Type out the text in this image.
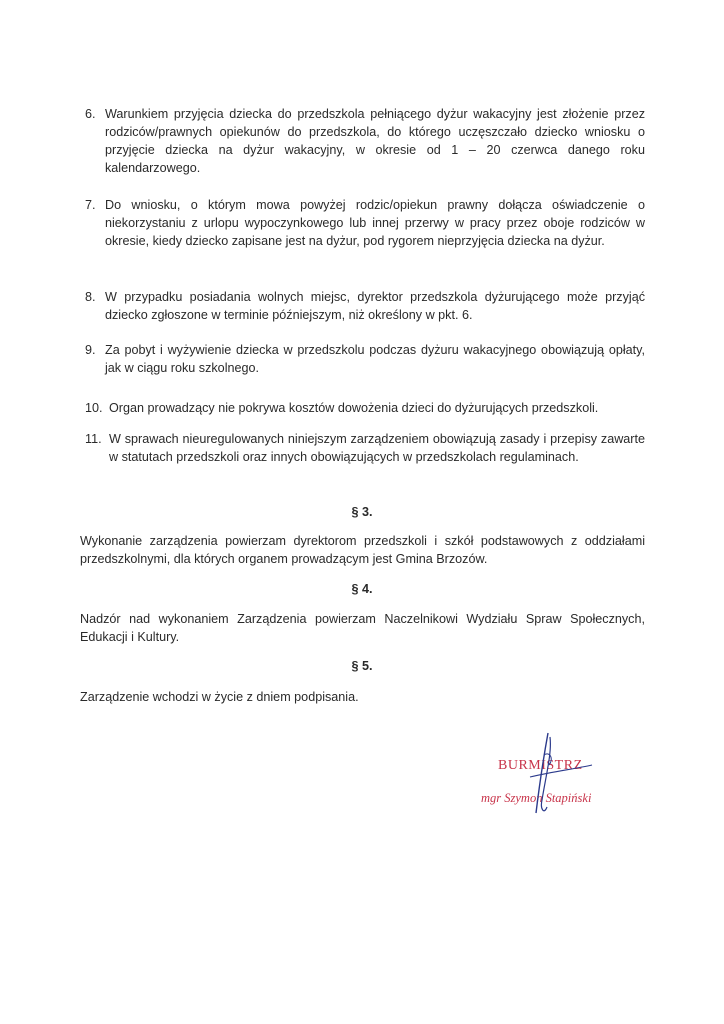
6. Warunkiem przyjęcia dziecka do przedszkola pełniącego dyżur wakacyjny jest złożenie przez rodziców/prawnych opiekunów do przedszkola, do którego uczęszczało dziecko wniosku o przyjęcie dziecka na dyżur wakacyjny, w okresie od 1 – 20 czerwca danego roku kalendarzowego.
7. Do wniosku, o którym mowa powyżej rodzic/opiekun prawny dołącza oświadczenie o niekorzystaniu z urlopu wypoczynkowego lub innej przerwy w pracy przez oboje rodziców w okresie, kiedy dziecko zapisane jest na dyżur, pod rygorem nieprzyjęcia dziecka na dyżur.
8. W przypadku posiadania wolnych miejsc, dyrektor przedszkola dyżurującego może przyjąć dziecko zgłoszone w terminie późniejszym, niż określony w pkt. 6.
9. Za pobyt i wyżywienie dziecka w przedszkolu podczas dyżuru wakacyjnego obowiązują opłaty, jak w ciągu roku szkolnego.
10. Organ prowadzący nie pokrywa kosztów dowożenia dzieci do dyżurujących przedszkoli.
11. W sprawach nieuregulowanych niniejszym zarządzeniem obowiązują zasady i przepisy zawarte w statutach przedszkoli oraz innych obowiązujących w przedszkolach regulaminach.
§ 3.
Wykonanie zarządzenia powierzam dyrektorom przedszkoli i szkół podstawowych z oddziałami przedszkolnymi, dla których organem prowadzącym jest Gmina Brzozów.
§ 4.
Nadzór nad wykonaniem Zarządzenia powierzam Naczelnikowi Wydziału Spraw Społecznych, Edukacji i Kultury.
§ 5.
Zarządzenie wchodzi w życie z dniem podpisania.
BURMISTRZ
mgr Szymon Stapiński
